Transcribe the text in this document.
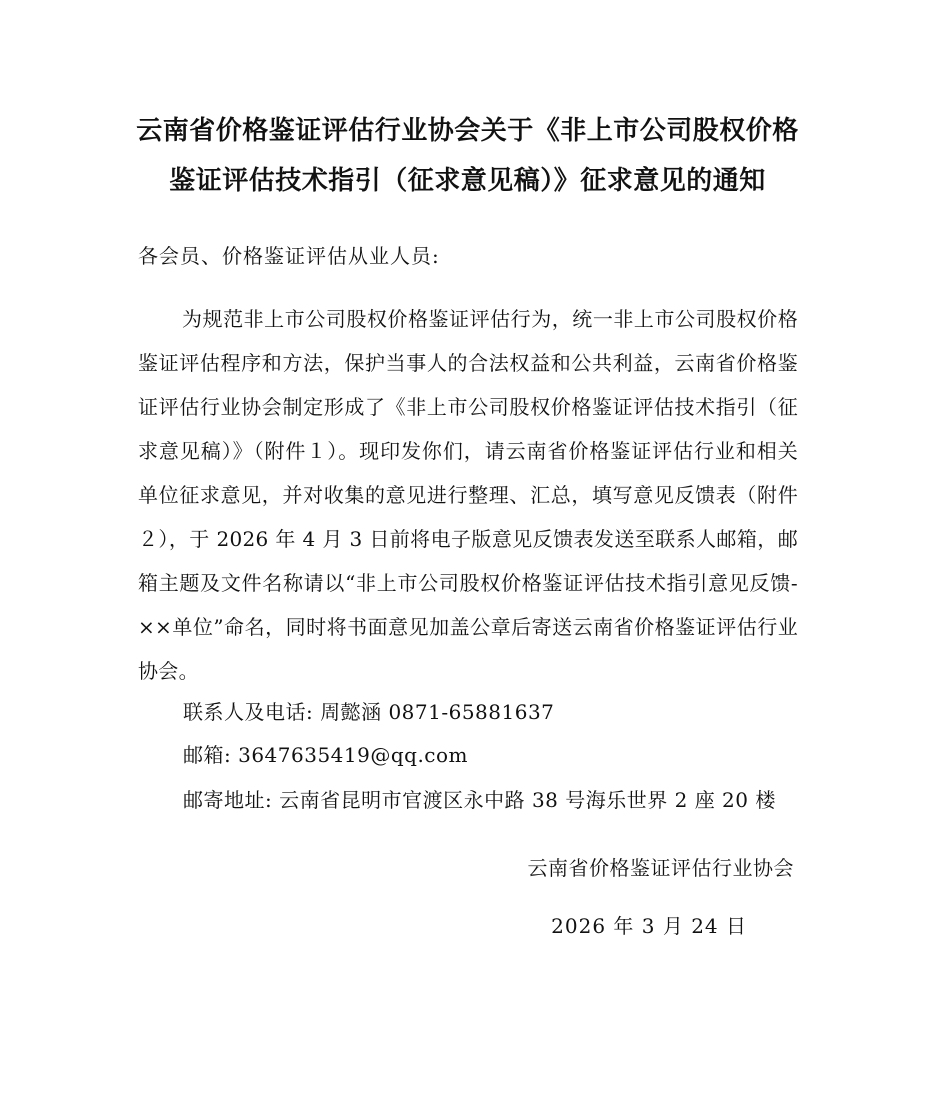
云南省价格鉴证评估行业协会关于《非上市公司股权价格
鉴证评估技术指引（征求意见稿）》征求意见的通知
各会员、价格鉴证评估从业人员:
为规范非上市公司股权价格鉴证评估行为，统一非上市公司股权价格鉴证评估程序和方法，保护当事人的合法权益和公共利益，云南省价格鉴证评估行业协会制定形成了《非上市公司股权价格鉴证评估技术指引（征求意见稿）》（附件１）。现印发你们，请云南省价格鉴证评估行业和相关单位征求意见，并对收集的意见进行整理、汇总，填写意见反馈表（附件２），于 2026 年 4 月 3 日前将电子版意见反馈表发送至联系人邮箱，邮箱主题及文件名称请以“非上市公司股权价格鉴证评估技术指引意见反馈-××单位”命名，同时将书面意见加盖公章后寄送云南省价格鉴证评估行业协会。
联系人及电话: 周懿涵 0871-65881637
邮箱: 3647635419@qq.com
邮寄地址: 云南省昆明市官渡区永中路 38 号海乐世界 2 座 20 楼
云南省价格鉴证评估行业协会
2026 年 3 月 24 日
